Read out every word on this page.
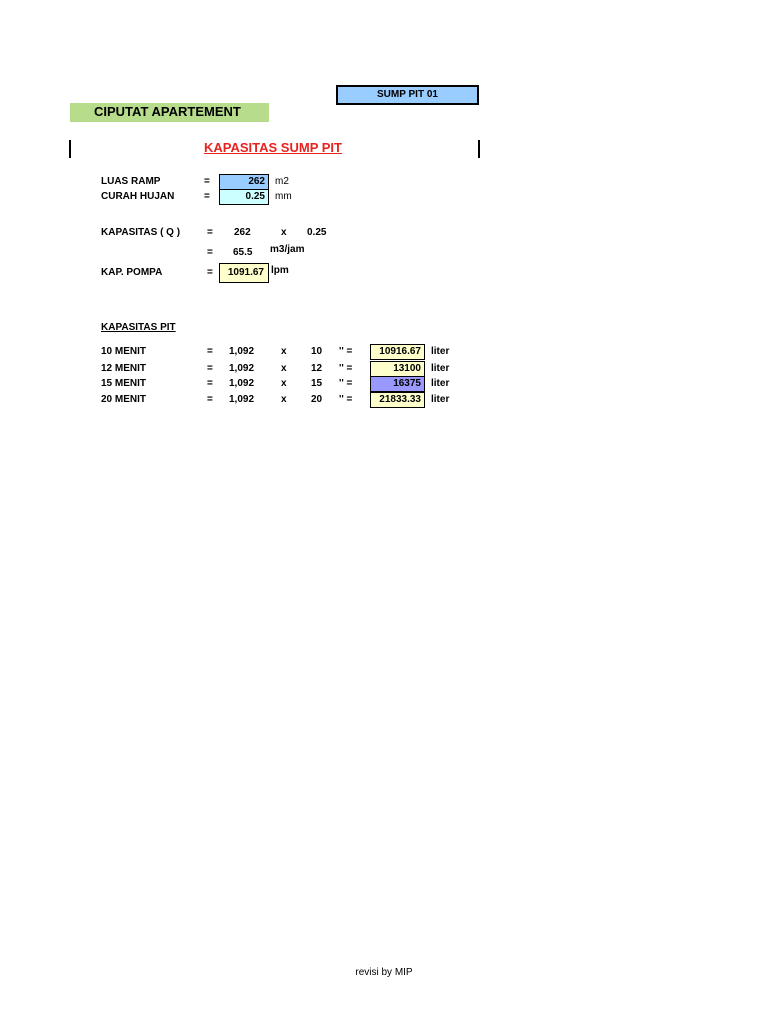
SUMP PIT 01
CIPUTAT APARTEMENT
KAPASITAS SUMP PIT
LUAS RAMP	=	262	m2
CURAH HUJAN	=	0.25	mm
KAPASITAS ( Q )	= 262	x 0.25
= 65.5 m3/jam
KAP. POMPA	=	1091.67 lpm
KAPASITAS PIT
10 MENIT	= 1,092	x 10 '' =	10916.67	liter
12 MENIT	= 1,092	x 12 '' =	13100	liter
15 MENIT	= 1,092	x 15 '' =	16375	liter
20 MENIT	= 1,092	x 20 '' =	21833.33	liter
revisi by MIP
